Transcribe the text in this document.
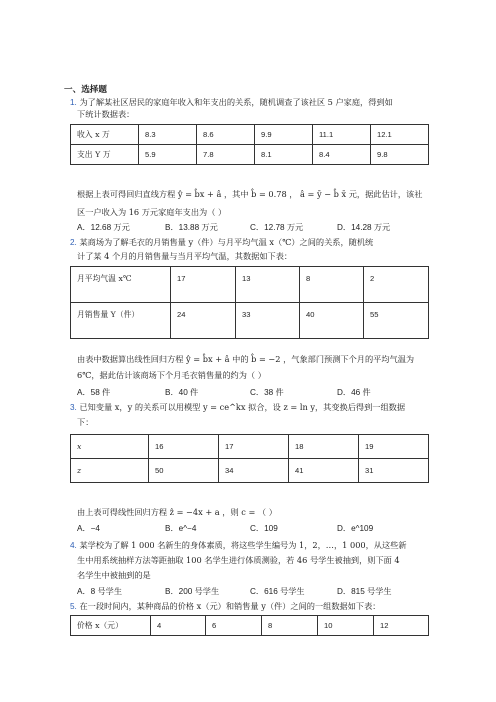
一、选择题
1. 为了解某社区居民的家庭年收入和年支出的关系，随机调查了该社区 5 户家庭，得到如
下统计数据表：
收入 x 万	8.3	8.6	9.9	11.1	12.1
支出 Y 万	5.9	7.8	8.1	8.4	9.8
根据上表可得回归直线方程 ŷ = b̂x + â ，其中 b̂ = 0.78 ， â = ȳ − b̂ x̄ 元，据此估计，该社
区一户收入为 16 万元家庭年支出为（ ）
A．12.68 万元	B．13.88 万元	C．12.78 万元	D．14.28 万元
2. 某商场为了解毛衣的月销售量 y（件）与月平均气温 x（℃）之间的关系，随机统
计了某 4 个月的月销售量与当月平均气温，其数据如下表：
月平均气温 x℃	17	13	8	2
月销售量 Y（件）	24	33	40	55
由表中数据算出线性回归方程 ŷ = b̂x + â 中的 b̂ = −2 ，气象部门预测下个月的平均气温为
6℃，据此估计该商场下个月毛衣销售量的约为（ ）
A．58 件	B．40 件	C．38 件	D．46 件
3. 已知变量 x，y 的关系可以用模型 y = ce^kx 拟合，设 z = ln y，其变换后得到一组数据
下：
x	16	17	18	19
z	50	34	41	31
由上表可得线性回归方程 ẑ = −4x + a ，则 c = （ ）
A．−4	B．e^−4	C．109	D．e^109
4. 某学校为了解 1 000 名新生的身体素质，将这些学生编号为 1，2，…，1 000，从这些新
生中用系统抽样方法等距抽取 100 名学生进行体质测验，若 46 号学生被抽到，则下面 4
名学生中被抽到的是
A．8 号学生	B．200 号学生	C．616 号学生	D．815 号学生
5. 在一段时间内，某种商品的价格 x（元）和销售量 y（件）之间的一组数据如下表：
价格 x（元）	4	6	8	10	12
